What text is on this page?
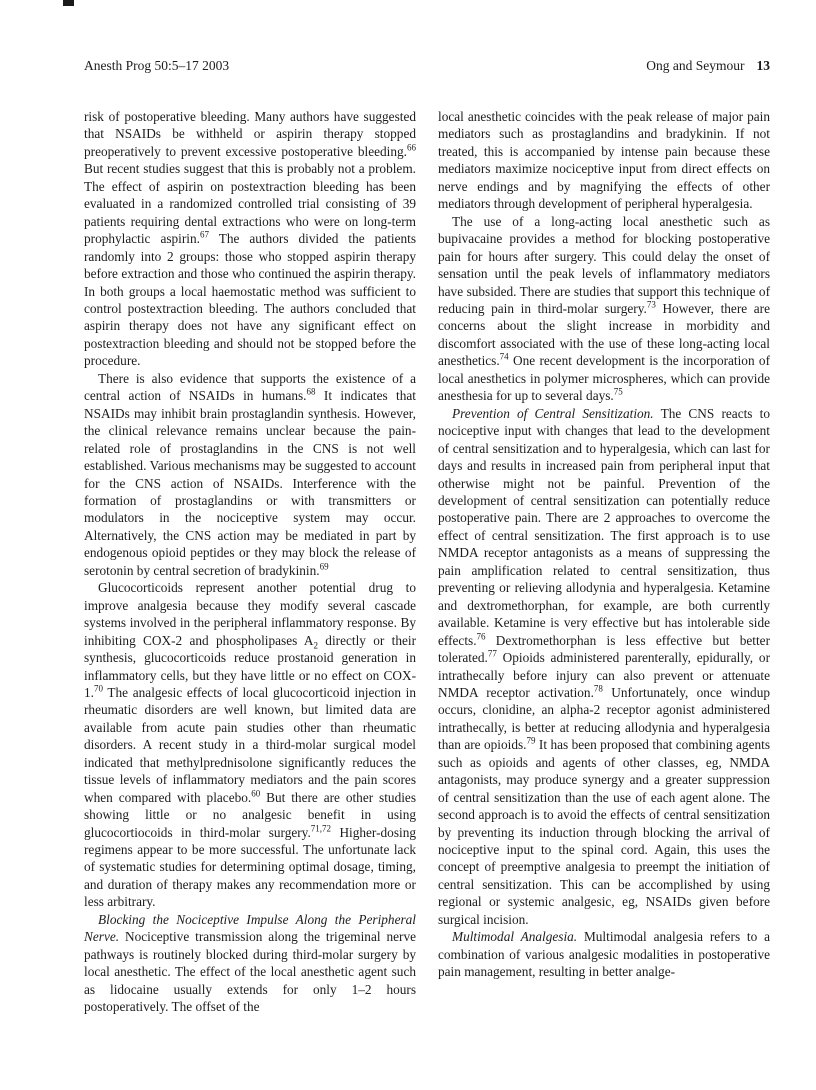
Anesth Prog 50:5–17 2003	Ong and Seymour 13

risk of postoperative bleeding. Many authors have suggested that NSAIDs be withheld or aspirin therapy stopped preoperatively to prevent excessive postoperative bleeding.$^{66}$ But recent studies suggest that this is probably not a problem. The effect of aspirin on postextraction bleeding has been evaluated in a randomized controlled trial consisting of 39 patients requiring dental extractions who were on long-term prophylactic aspirin.$^{67}$ The authors divided the patients randomly into 2 groups: those who stopped aspirin therapy before extraction and those who continued the aspirin therapy. In both groups a local haemostatic method was sufficient to control postextraction bleeding. The authors concluded that aspirin therapy does not have any significant effect on postextraction bleeding and should not be stopped before the procedure.

There is also evidence that supports the existence of a central action of NSAIDs in humans.$^{68}$ It indicates that NSAIDs may inhibit brain prostaglandin synthesis. However, the clinical relevance remains unclear because the pain-related role of prostaglandins in the CNS is not well established. Various mechanisms may be suggested to account for the CNS action of NSAIDs. Interference with the formation of prostaglandins or with transmitters or modulators in the nociceptive system may occur. Alternatively, the CNS action may be mediated in part by endogenous opioid peptides or they may block the release of serotonin by central secretion of bradykinin.$^{69}$

Glucocorticoids represent another potential drug to improve analgesia because they modify several cascade systems involved in the peripheral inflammatory response. By inhibiting COX-2 and phospholipases $A_2$ directly or their synthesis, glucocorticoids reduce prostanoid generation in inflammatory cells, but they have little or no effect on COX-1.70 The analgesic effects of local glucocorticoid injection in rheumatic disorders are well known, but limited data are available from acute pain studies other than rheumatic disorders. A recent study in a third-molar surgical model indicated that methylprednisolone significantly reduces the tissue levels of inflammatory mediators and the pain scores when compared with placebo.$^{60}$ But there are other studies showing little or no analgesic benefit in using glucocortiocoids in third-molar surgery.$^{71,72}$ Higher-dosing regimens appear to be more successful. The unfortunate lack of systematic studies for determining optimal dosage, timing, and duration of therapy makes any recommendation more or less arbitrary.

Blocking the Nociceptive Impulse Along the Peripheral Nerve. Nociceptive transmission along the trigeminal nerve pathways is routinely blocked during third-molar surgery by local anesthetic. The effect of the local anesthetic agent such as lidocaine usually extends for only 1–2 hours postoperatively. The offset of the

local anesthetic coincides with the peak release of major pain mediators such as prostaglandins and bradykinin. If not treated, this is accompanied by intense pain because these mediators maximize nociceptive input from direct effects on nerve endings and by magnifying the effects of other mediators through development of peripheral hyperalgesia.

The use of a long-acting local anesthetic such as bupivacaine provides a method for blocking postoperative pain for hours after surgery. This could delay the onset of sensation until the peak levels of inflammatory mediators have subsided. There are studies that support this technique of reducing pain in third-molar surgery.$^{73}$ However, there are concerns about the slight increase in morbidity and discomfort associated with the use of these long-acting local anesthetics.$^{74}$ One recent development is the incorporation of local anesthetics in polymer microspheres, which can provide anesthesia for up to several days.$^{75}$

Prevention of Central Sensitization. The CNS reacts to nociceptive input with changes that lead to the development of central sensitization and to hyperalgesia, which can last for days and results in increased pain from peripheral input that otherwise might not be painful. Prevention of the development of central sensitization can potentially reduce postoperative pain. There are 2 approaches to overcome the effect of central sensitization. The first approach is to use NMDA receptor antagonists as a means of suppressing the pain amplification related to central sensitization, thus preventing or relieving allodynia and hyperalgesia. Ketamine and dextromethorphan, for example, are both currently available. Ketamine is very effective but has intolerable side effects.$^{76}$ Dextromethorphan is less effective but better tolerated.$^{77}$ Opioids administered parenterally, epidurally, or intrathecally before injury can also prevent or attenuate NMDA receptor activation.$^{78}$ Unfortunately, once windup occurs, clonidine, an alpha-2 receptor agonist administered intrathecally, is better at reducing allodynia and hyperalgesia than are opioids.$^{79}$ It has been proposed that combining agents such as opioids and agents of other classes, eg, NMDA antagonists, may produce synergy and a greater suppression of central sensitization than the use of each agent alone. The second approach is to avoid the effects of central sensitization by preventing its induction through blocking the arrival of nociceptive input to the spinal cord. Again, this uses the concept of preemptive analgesia to preempt the initiation of central sensitization. This can be accomplished by using regional or systemic analgesic, eg, NSAIDs given before surgical incision.

Multimodal Analgesia. Multimodal analgesia refers to a combination of various analgesic modalities in postoperative pain management, resulting in better analge-
